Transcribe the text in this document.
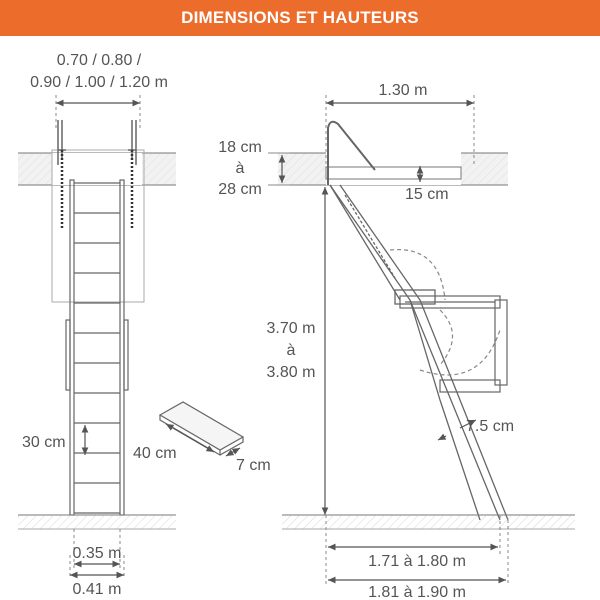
DIMENSIONS ET HAUTEURS
0.70 / 0.80 /
0.90 / 1.00 / 1.20 m
30 cm
0.35 m
0.41 m
40 cm
7 cm
1.30 m
18 cm
à
28 cm	15 cm
3.70 m
à
3.80 m
7.5 cm
1.71 à 1.80 m
1.81 à 1.90 m
